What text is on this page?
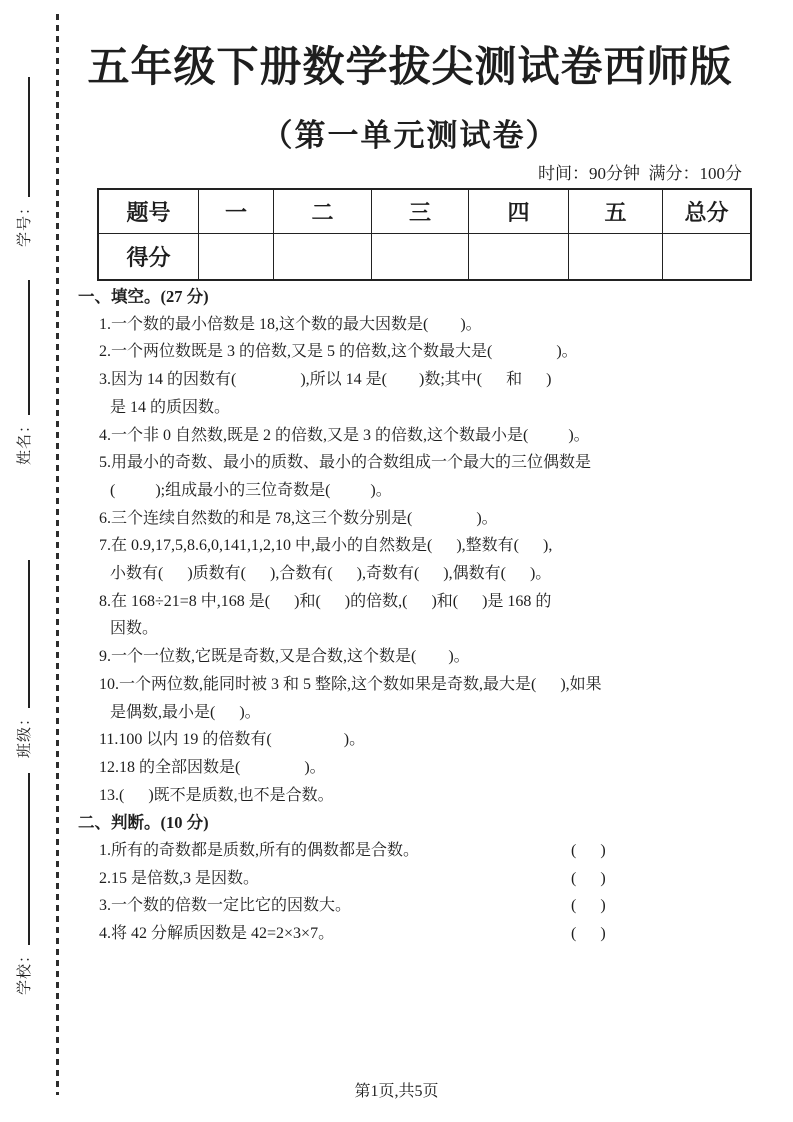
学号：
姓名：
班级：
学校：
五年级下册数学拔尖测试卷西师版
（第一单元测试卷）
时间：90分钟  满分：100分
题号	一	二	三	四	五	总分
得分						
一、填空。(27 分)
1.一个数的最小倍数是 18,这个数的最大因数是(        )。
2.一个两位数既是 3 的倍数,又是 5 的倍数,这个数最大是(                )。
3.因为 14 的因数有(                ),所以 14 是(        )数;其中(      和      )
是 14 的质因数。
4.一个非 0 自然数,既是 2 的倍数,又是 3 的倍数,这个数最小是(          )。
5.用最小的奇数、最小的质数、最小的合数组成一个最大的三位偶数是
(          );组成最小的三位奇数是(          )。
6.三个连续自然数的和是 78,这三个数分别是(                )。
7.在 0.9,17,5,8.6,0,141,1,2,10 中,最小的自然数是(      ),整数有(      ),
小数有(      )质数有(      ),合数有(      ),奇数有(      ),偶数有(      )。
8.在 168÷21=8 中,168 是(      )和(      )的倍数,(      )和(      )是 168 的
因数。
9.一个一位数,它既是奇数,又是合数,这个数是(        )。
10.一个两位数,能同时被 3 和 5 整除,这个数如果是奇数,最大是(      ),如果
是偶数,最小是(      )。
11.100 以内 19 的倍数有(                  )。
12.18 的全部因数是(                )。
13.(      )既不是质数,也不是合数。
二、判断。(10 分)
1.所有的奇数都是质数,所有的偶数都是合数。	(      )
2.15 是倍数,3 是因数。	(      )
3.一个数的倍数一定比它的因数大。	(      )
4.将 42 分解质因数是 42=2×3×7。	(      )
第1页,共5页
